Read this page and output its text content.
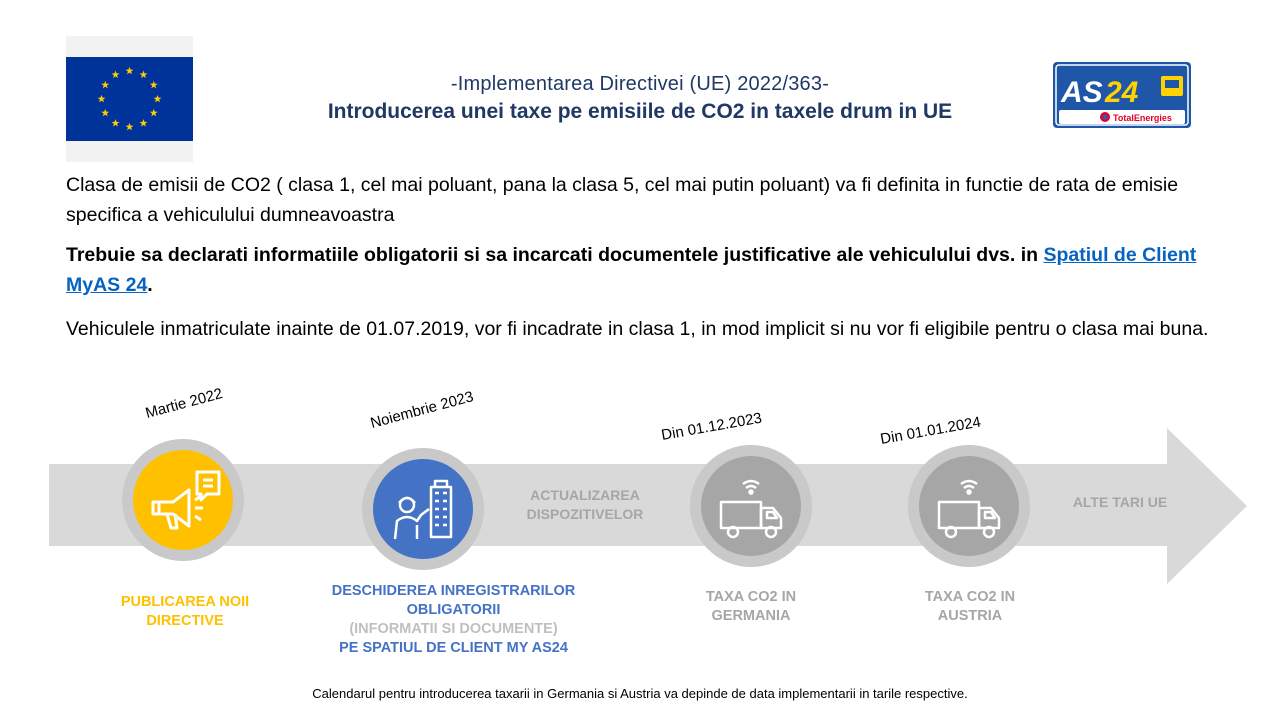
-Implementarea Directivei (UE) 2022/363-
Introducerea unei taxe pe emisiile de CO2 in taxele drum in UE
AS 24
TotalEnergies
Clasa de emisii de CO2 ( clasa 1, cel mai poluant, pana la clasa 5, cel mai putin poluant) va fi definita in functie de rata de emisie specifica a vehiculului dumneavoastra
Trebuie sa declarati informatiile obligatorii si sa incarcati documentele justificative ale vehiculului dvs. in Spatiul de Client MyAS 24.
Vehiculele inmatriculate inainte de 01.07.2019, vor fi incadrate in clasa 1, in mod implicit si nu vor fi eligibile pentru o clasa mai buna.
Martie 2022	Noiembrie 2023	Din 01.12.2023	Din 01.01.2024
ACTUALIZAREA
DISPOZITIVELOR
ALTE TARI UE
PUBLICAREA NOII
DIRECTIVE
DESCHIDEREA INREGISTRARILOR
OBLIGATORII
(INFORMATII SI DOCUMENTE)
PE SPATIUL DE CLIENT MY AS24
TAXA CO2 IN
GERMANIA
TAXA CO2 IN
AUSTRIA
Calendarul pentru introducerea taxarii in Germania si Austria va depinde de data implementarii in tarile respective.
